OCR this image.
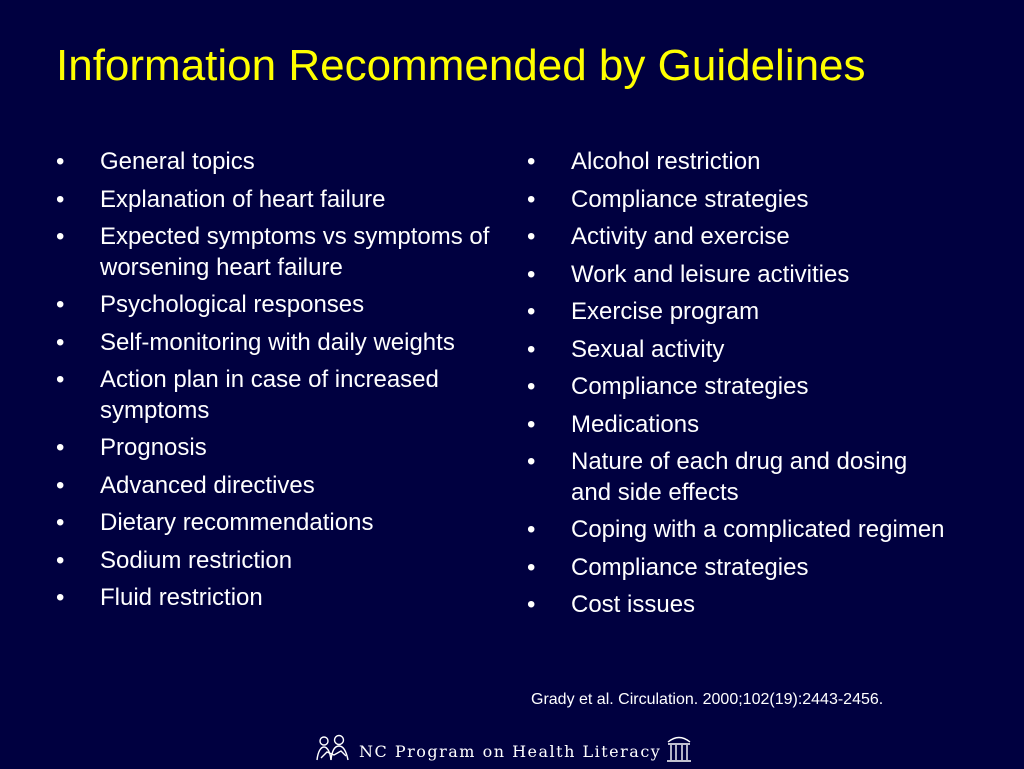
Information Recommended by Guidelines
• General topics
• Explanation of heart failure
• Expected symptoms vs symptoms of worsening heart failure
• Psychological responses
• Self-monitoring with daily weights
• Action plan in case of increased symptoms
• Prognosis
• Advanced directives
• Dietary recommendations
• Sodium restriction
• Fluid restriction
• Alcohol restriction
• Compliance strategies
• Activity and exercise
• Work and leisure activities
• Exercise program
• Sexual activity
• Compliance strategies
• Medications
• Nature of each drug and dosing and side effects
• Coping with a complicated regimen
• Compliance strategies
• Cost issues
Grady et al. Circulation. 2000;102(19):2443-2456.
NC Program on Health Literacy
